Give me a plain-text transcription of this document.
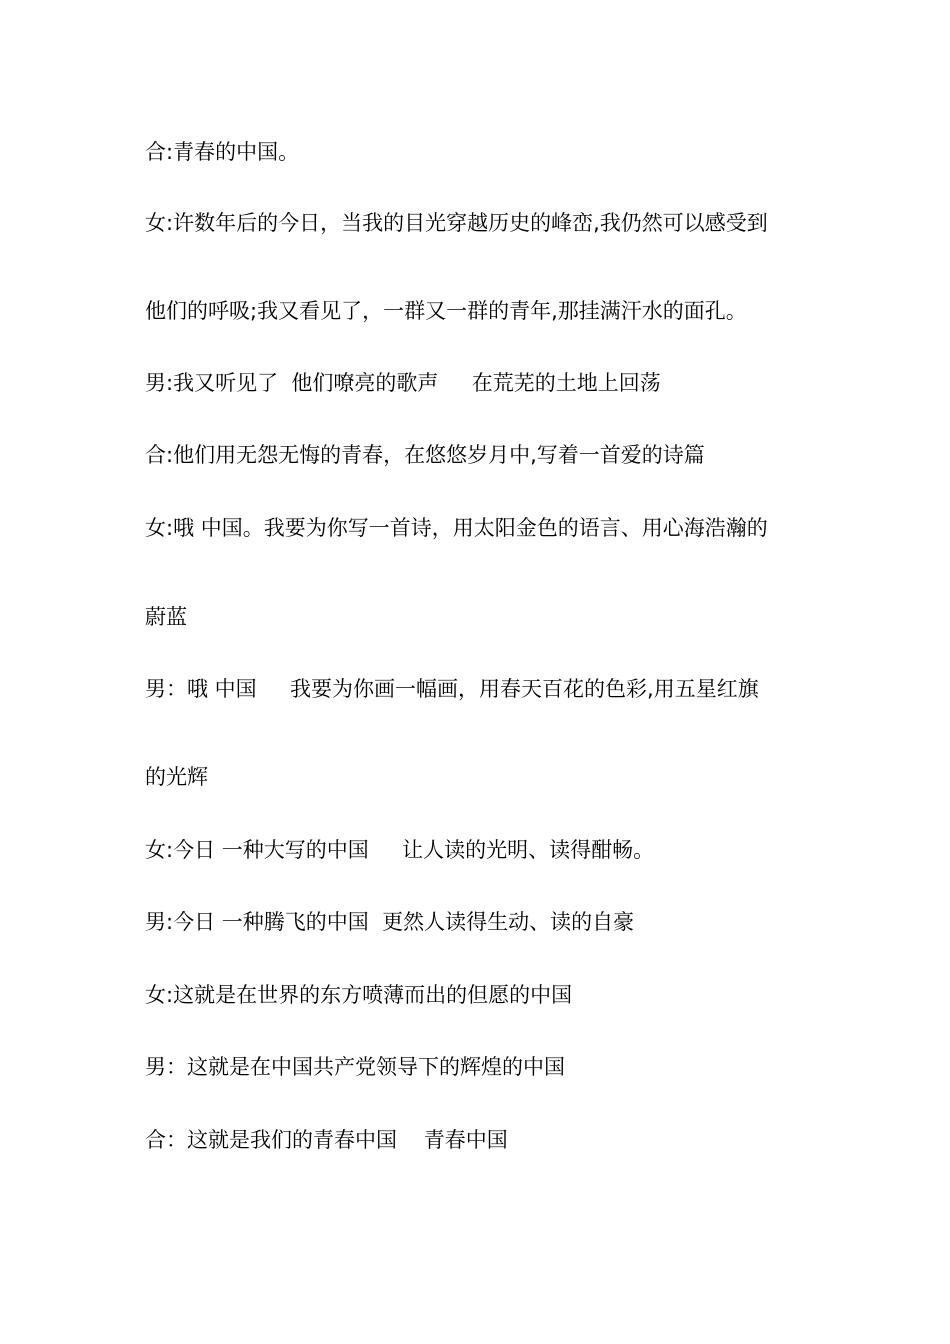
合:青春的中国。
女:许数年后的今日，当我的目光穿越历史的峰峦,我仍然可以感受到
他们的呼吸;我又看见了，一群又一群的青年,那挂满汗水的面孔。
男:我又听见了  他们嘹亮的歌声     在荒芜的土地上回荡
合:他们用无怨无悔的青春，在悠悠岁月中,写着一首爱的诗篇
女:哦 中国。我要为你写一首诗，用太阳金色的语言、用心海浩瀚的
蔚蓝
男：哦 中国     我要为你画一幅画，用春天百花的色彩,用五星红旗
的光辉
女:今日 一种大写的中国     让人读的光明、读得酣畅。
男:今日 一种腾飞的中国  更然人读得生动、读的自豪
女:这就是在世界的东方喷薄而出的但愿的中国
男：这就是在中国共产党领导下的辉煌的中国
合：这就是我们的青春中国    青春中国
